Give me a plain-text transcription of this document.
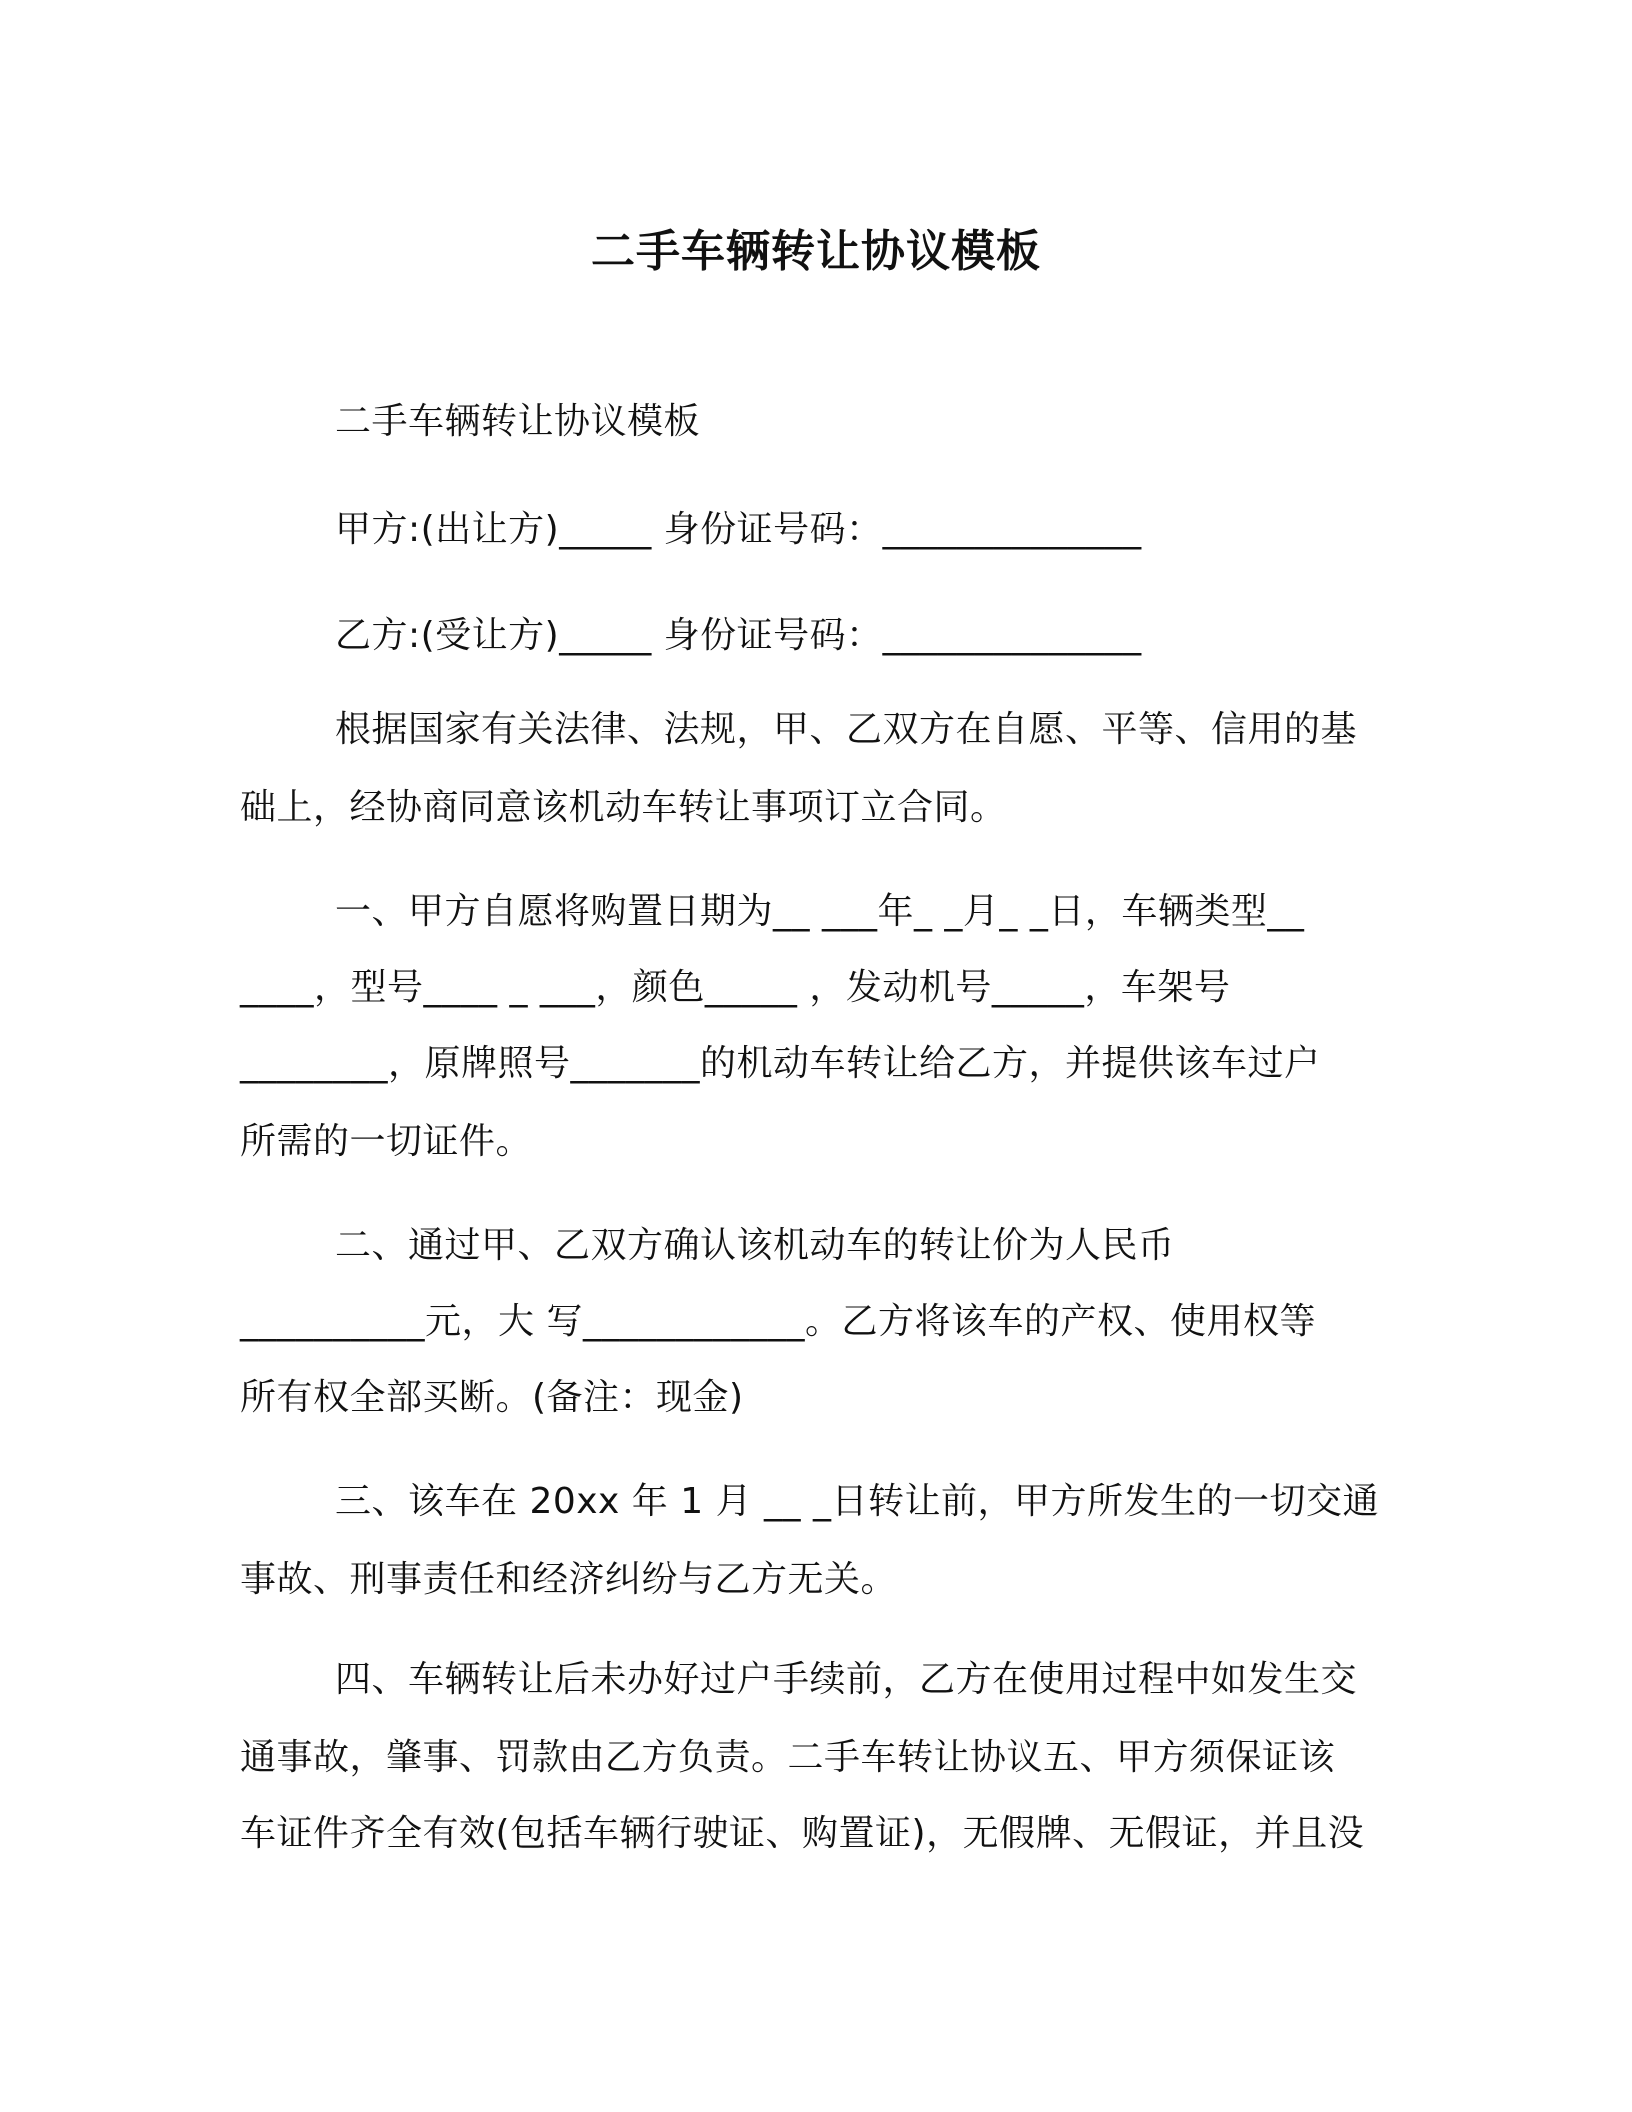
二手车辆转让协议模板
二手车辆转让协议模板
甲方:(出让方)_____ 身份证号码：______________
乙方:(受让方)_____ 身份证号码：______________
根据国家有关法律、法规，甲、乙双方在自愿、平等、信用的基
础上，经协商同意该机动车转让事项订立合同。
一、甲方自愿将购置日期为__ ___年_ _月_ _日，车辆类型__
____，型号____ _ ___，颜色_____ ，发动机号_____，车架号
________，原牌照号_______的机动车转让给乙方，并提供该车过户
所需的一切证件。
二、通过甲、乙双方确认该机动车的转让价为人民币
__________元，大 写____________。乙方将该车的产权、使用权等
所有权全部买断。(备注：现金)
三、该车在 20xx 年 1 月 __ _日转让前，甲方所发生的一切交通
事故、刑事责任和经济纠纷与乙方无关。
四、车辆转让后未办好过户手续前，乙方在使用过程中如发生交
通事故，肇事、罚款由乙方负责。二手车转让协议五、甲方须保证该
车证件齐全有效(包括车辆行驶证、购置证)，无假牌、无假证，并且没
